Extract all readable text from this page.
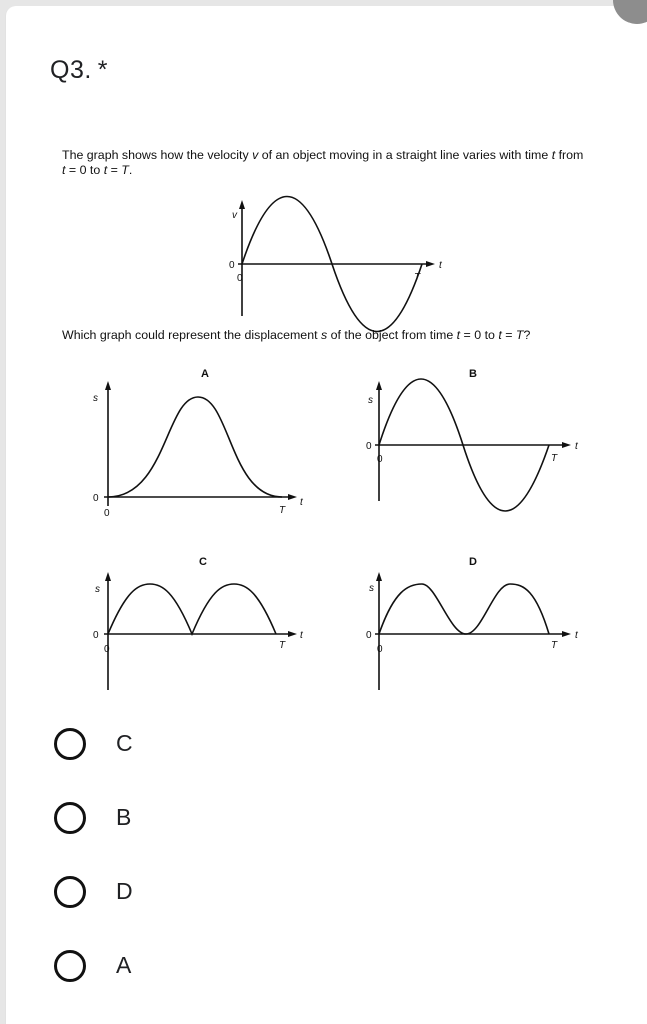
Q3. *
The graph shows how the velocity v of an object moving in a straight line varies with time t from
t = 0 to t = T.
v
0
0	T
t
Which graph could represent the displacement s of the object from time t = 0 to t = T?
A
s
0
0	T
t
B
s
0
0	T
t
C
s
0
0	T
t
D
s
0
0	T
t
C
B
D
A
